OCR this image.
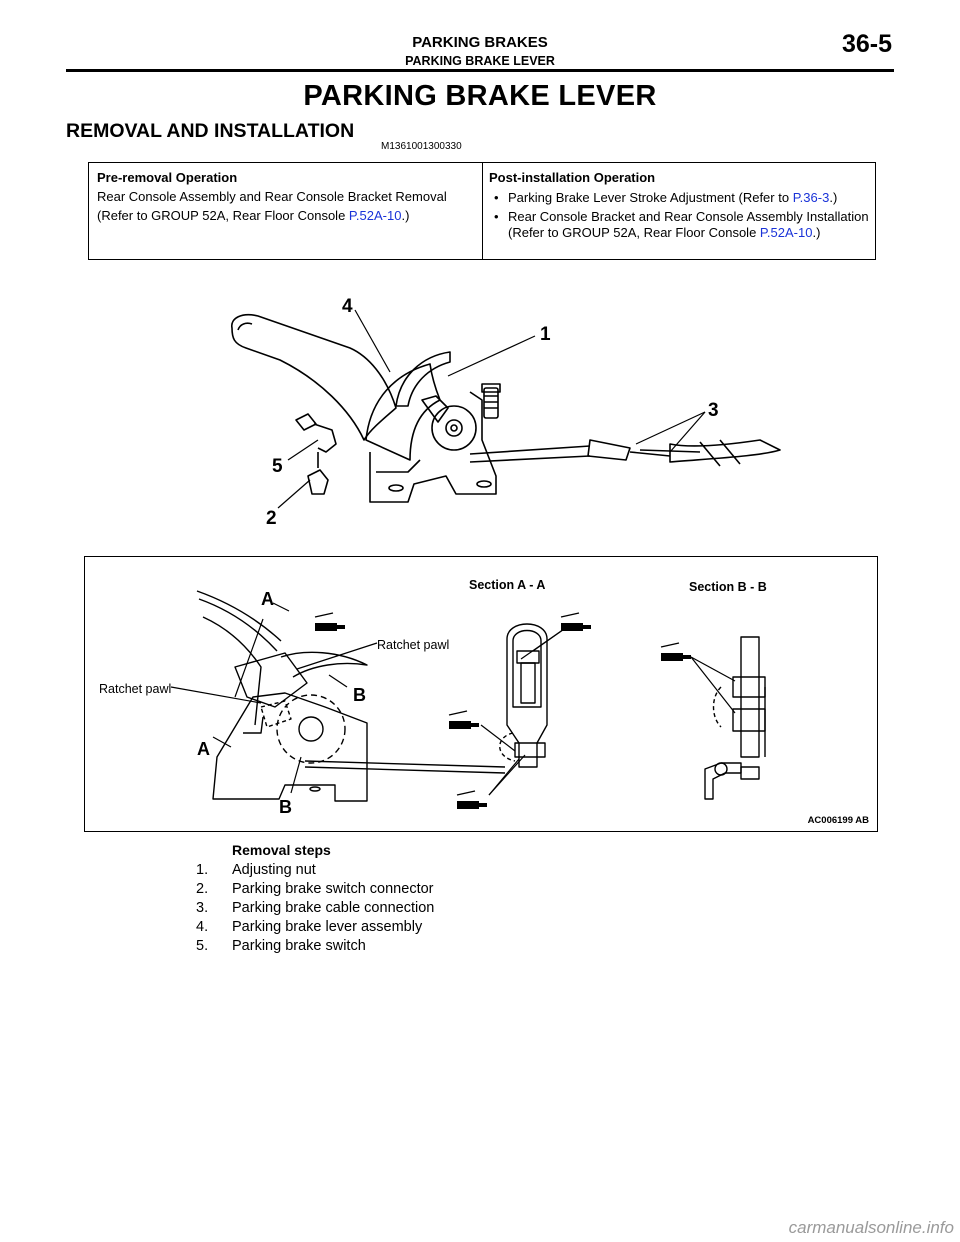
PARKING BRAKES
PARKING BRAKE LEVER
36-5
PARKING BRAKE LEVER
REMOVAL AND INSTALLATION
M1361001300330
Pre-removal Operation
Rear Console Assembly and Rear Console Bracket Removal (Refer to GROUP 52A, Rear Floor Console P.52A-10.)
Post-installation Operation
• Parking Brake Lever Stroke Adjustment (Refer to P.36-3.)
• Rear Console Bracket and Rear Console Assembly Installation (Refer to GROUP 52A, Rear Floor Console P.52A-10.)
4
1
3
5
2
A
A
B
B
Ratchet pawl
Ratchet pawl
Section A - A	Section B - B
AC006199 AB
Removal steps
1. Adjusting nut
2. Parking brake switch connector
3. Parking brake cable connection
4. Parking brake lever assembly
5. Parking brake switch
carmanualsonline.info
